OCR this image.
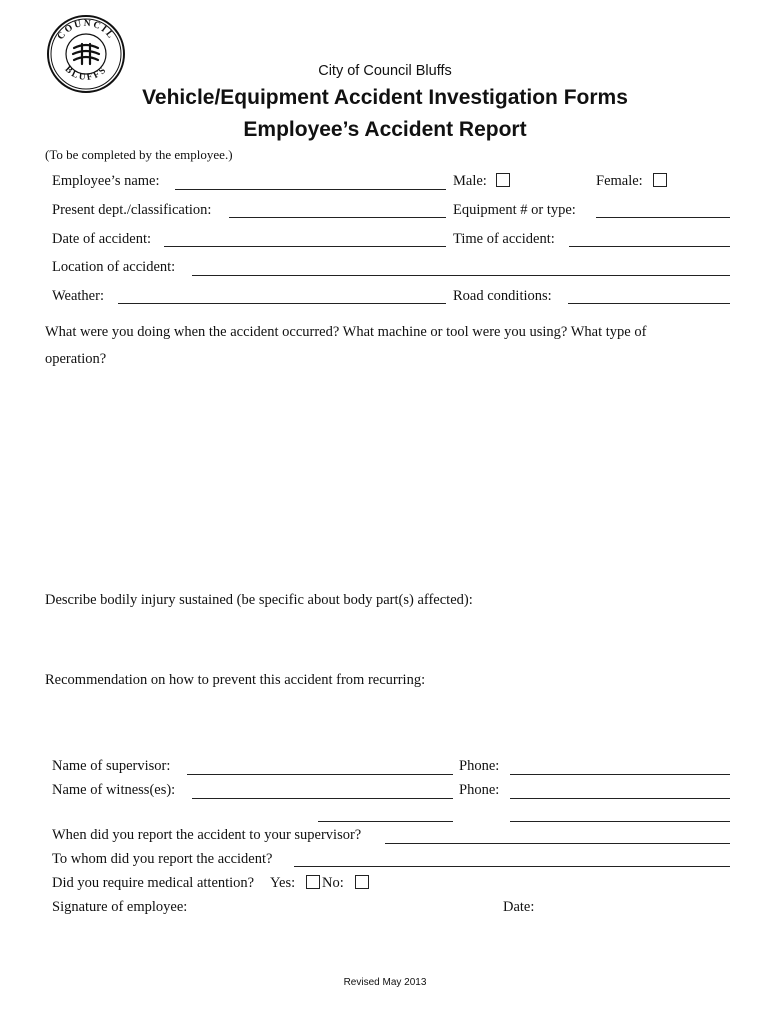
COUNCIL
BLUFFS	City of Council Bluffs
Vehicle/Equipment Accident Investigation Forms
Employee’s Accident Report
(To be completed by the employee.)
Employee’s name:	Male:	Female:
Present dept./classification:	Equipment # or type:
Date of accident:	Time of accident:
Location of accident:
Weather:	Road conditions:
What were you doing when the accident occurred? What machine or tool were you using? What type of
operation?
Describe bodily injury sustained (be specific about body part(s) affected):
Recommendation on how to prevent this accident from recurring:
Name of supervisor:	Phone:
Name of witness(es):	Phone:
When did you report the accident to your supervisor?
To whom did you report the accident?
Did you require medical attention? Yes: No:
Signature of employee:	Date:
Revised May 2013
